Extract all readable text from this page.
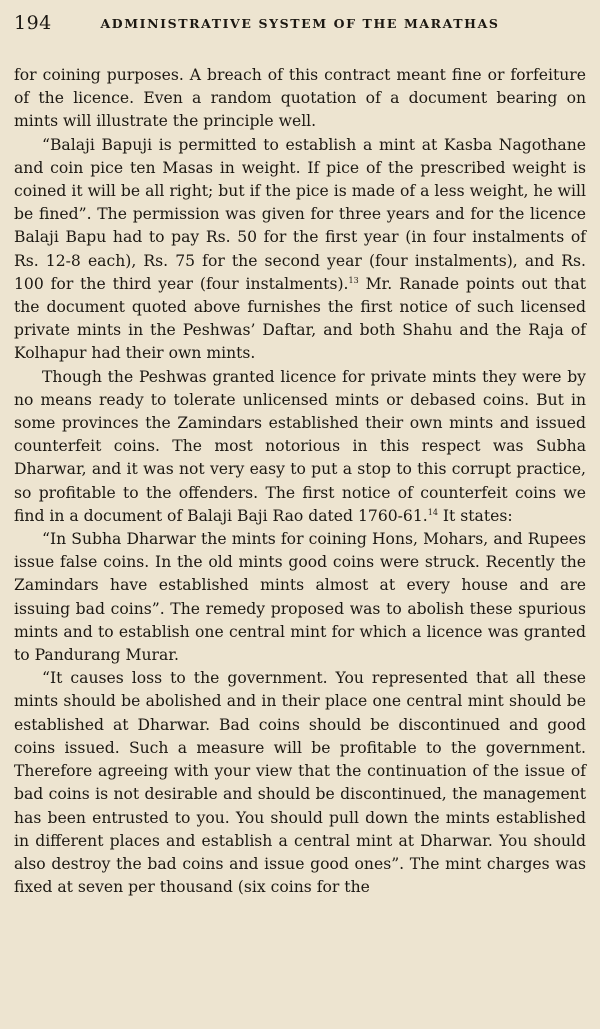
194	ADMINISTRATIVE SYSTEM OF THE MARATHAS

for coining purposes. A breach of this contract meant fine or forfeiture of the licence. Even a random quotation of a document bearing on mints will illustrate the principle well.

“Balaji Bapuji is permitted to establish a mint at Kasba Nagothane and coin pice ten Masas in weight. If pice of the prescribed weight is coined it will be all right; but if the pice is made of a less weight, he will be fined”. The permission was given for three years and for the licence Balaji Bapu had to pay Rs. 50 for the first year (in four instalments of Rs. 12-8 each), Rs. 75 for the second year (four instalments), and Rs. 100 for the third year (four instalments).$^{13}$ Mr. Ranade points out that the document quoted above furnishes the first notice of such licensed private mints in the Peshwas’ Daftar, and both Shahu and the Raja of Kolhapur had their own mints.

Though the Peshwas granted licence for private mints they were by no means ready to tolerate unlicensed mints or debased coins. But in some provinces the Zamindars established their own mints and issued counterfeit coins. The most notorious in this respect was Subha Dharwar, and it was not very easy to put a stop to this corrupt practice, so profitable to the offenders. The first notice of counterfeit coins we find in a document of Balaji Baji Rao dated 1760-61.14 It states:

“In Subha Dharwar the mints for coining Hons, Mohars, and Rupees issue false coins. In the old mints good coins were struck. Recently the Zamindars have established mints almost at every house and are issuing bad coins”. The remedy proposed was to abolish these spurious mints and to establish one central mint for which a licence was granted to Pandurang Murar.

“It causes loss to the government. You represented that all these mints should be abolished and in their place one central mint should be established at Dharwar. Bad coins should be discontinued and good coins issued. Such a measure will be profitable to the government. Therefore agreeing with your view that the continuation of the issue of bad coins is not desirable and should be discontinued, the management has been entrusted to you. You should pull down the mints established in different places and establish a central mint at Dharwar. You should also destroy the bad coins and issue good ones”. The mint charges was fixed at seven per thousand (six coins for the
